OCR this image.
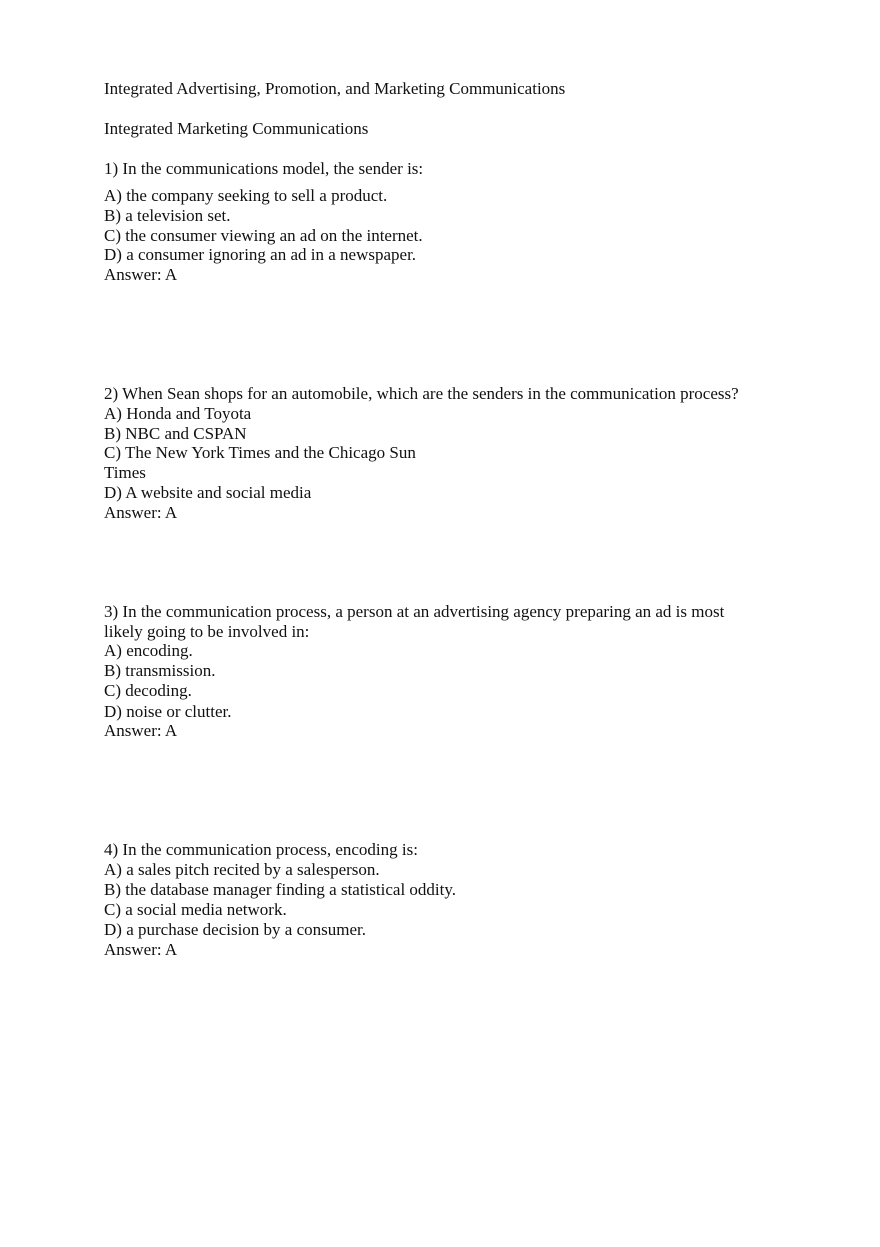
Integrated Advertising, Promotion, and Marketing Communications
Integrated Marketing Communications
1) In the communications model, the sender is:
A) the company seeking to sell a product.
B) a television set.
C) the consumer viewing an ad on the internet.
D) a consumer ignoring an ad in a newspaper.
Answer: A
2) When Sean shops for an automobile, which are the senders in the communication process?
A) Honda and Toyota
B) NBC and CSPAN
C) The New York Times and the Chicago Sun
Times
D) A website and social media
Answer: A
3) In the communication process, a person at an advertising agency preparing an ad is most
likely going to be involved in:
A) encoding.
B) transmission.
C) decoding.
D) noise or clutter.
Answer: A
4) In the communication process, encoding is:
A) a sales pitch recited by a salesperson.
B) the database manager finding a statistical oddity.
C) a social media network.
D) a purchase decision by a consumer.
Answer: A
